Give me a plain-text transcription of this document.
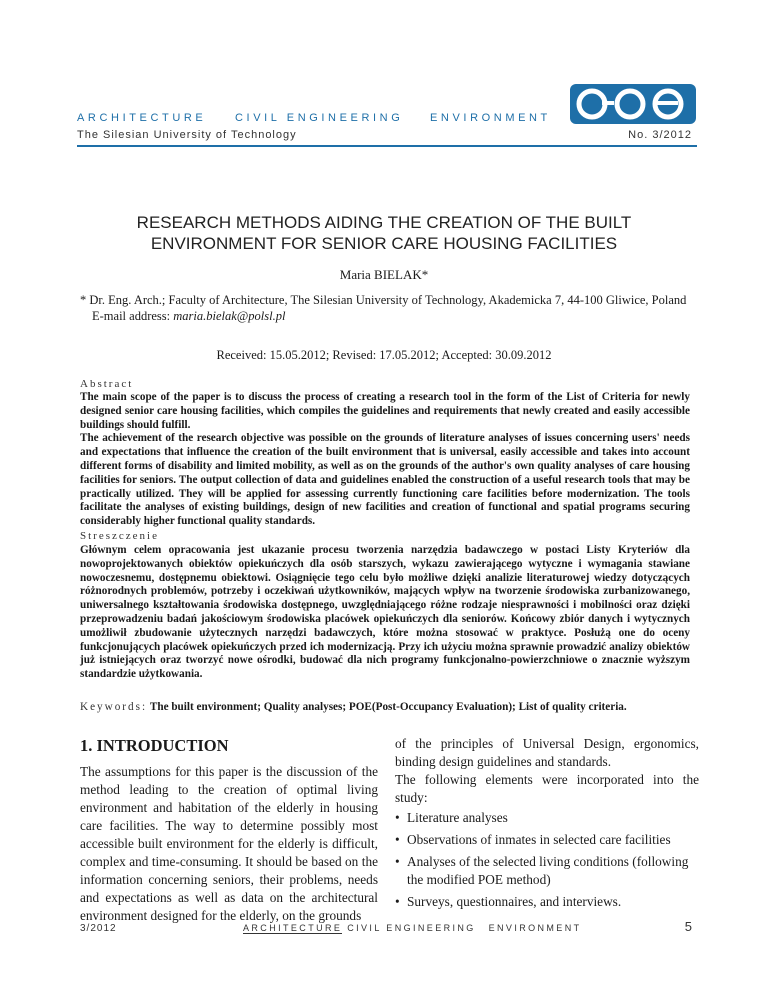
ARCHITECTURE	CIVIL ENGINEERING ENVIRONMENT	ace
The Silesian University of Technology	No. 3/2012
RESEARCH METHODS AIDING THE CREATION OF THE BUILT
ENVIRONMENT FOR SENIOR CARE HOUSING FACILITIES
Maria BIELAK*
* Dr. Eng. Arch.; Faculty of Architecture, The Silesian University of Technology, Akademicka 7, 44-100 Gliwice, Poland
E-mail address: maria.bielak@polsl.pl
Received: 15.05.2012; Revised: 17.05.2012; Accepted: 30.09.2012
Abstract

The main scope of the paper is to discuss the process of creating a research tool in the form of the List of Criteria for newly designed senior care housing facilities, which compiles the guidelines and requirements that newly created and easily accessible buildings should fulfill.

The achievement of the research objective was possible on the grounds of literature analyses of issues concerning users' needs and expectations that influence the creation of the built environment that is universal, easily accessible and takes into account different forms of disability and limited mobility, as well as on the grounds of the author's own quality analyses of care housing facilities for seniors. The output collection of data and guidelines enabled the construction of a useful research tools that may be practically utilized. They will be applied for assessing currently functioning care facilities before modernization. The tools facilitate the analyses of existing buildings, design of new facilities and creation of functional and spatial programs securing considerably higher functional quality standards.

Streszczenie
Głównym celem opracowania jest ukazanie procesu tworzenia narzędzia badawczego w postaci Listy Kryteriów dla nowoprojektowanych obiektów opiekuńczych dla osób starszych, wykazu zawierającego wytyczne i wymagania stawiane nowoczesnemu, dostępnemu obiektowi. Osiągnięcie tego celu było możliwe dzięki analizie literaturowej wiedzy dotyczących różnorodnych problemów, potrzeby i oczekiwań użytkowników, mających wpływ na tworzenie środowiska zurbanizowanego, uniwersalnego kształtowania środowiska dostępnego, uwzględniającego różne rodzaje niesprawności i mobilności oraz dzięki przeprowadzeniu badań jakościowym środowiska placówek opiekuńczych dla seniorów. Końcowy zbiór danych i wytycznych umożliwił zbudowanie użytecznych narzędzi badawczych, które można stosować w praktyce. Posłużą one do oceny funkcjonujących placówek opiekuńczych przed ich modernizacją. Przy ich użyciu można sprawnie prowadzić analizy obiektów już istniejących oraz tworzyć nowe ośrodki, budować dla nich programy funkcjonalno-powierzchniowe o znacznie wyższym standardzie użytkowania.
Keywords: The built environment; Quality analyses; POE(Post-Occupancy Evaluation); List of quality criteria.
1. INTRODUCTION

The assumptions for this paper is the discussion of the method leading to the creation of optimal living environment and habitation of the elderly in housing care facilities. The way to determine possibly most accessible built environment for the elderly is difficult, complex and time-consuming. It should be based on the information concerning seniors, their problems, needs and expectations as well as data on the architectural environment designed for the elderly, on the grounds

of the principles of Universal Design, ergonomics, binding design guidelines and standards.

The following elements were incorporated into the study:

• Literature analyses
• Observations of inmates in selected care facilities
• Analyses of the selected living conditions (following the modified POE method)
• Surveys, questionnaires, and interviews.
3/2012	ARCHITECTURE CIVIL ENGINEERING ENVIRONMENT	5
